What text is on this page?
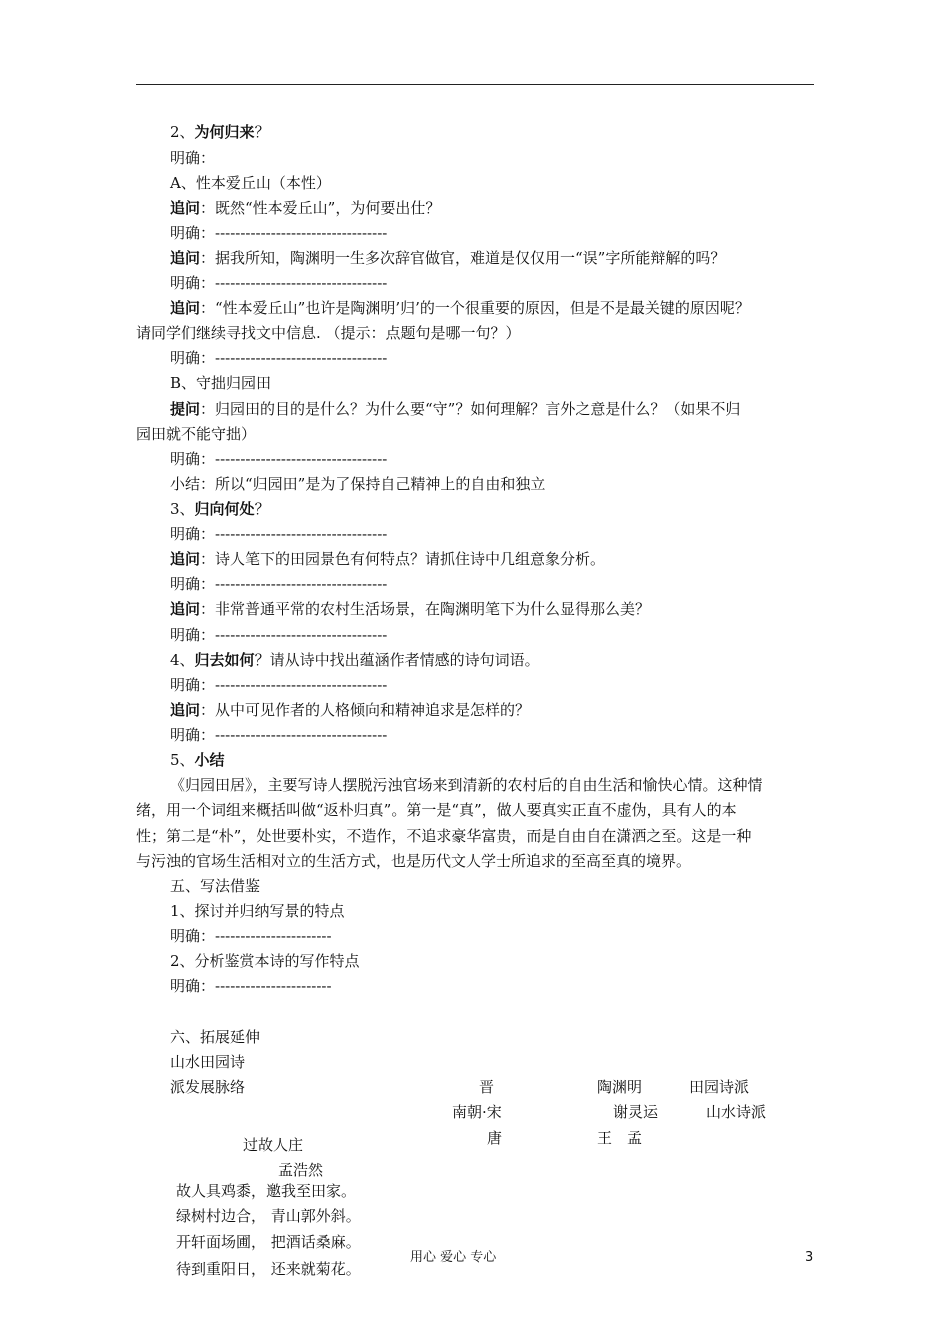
2、为何归来？
明确：
A、性本爱丘山（本性）
追问：既然“性本爱丘山”，为何要出仕？
明确：----------------------------------
追问：据我所知，陶渊明一生多次辞官做官，难道是仅仅用一“误”字所能辩解的吗？
明确：----------------------------------
追问：“性本爱丘山”也许是陶渊明’归’的一个很重要的原因，但是不是最关键的原因呢？
请同学们继续寻找文中信息. （提示：点题句是哪一句？）
明确：----------------------------------
B、守拙归园田
提问：归园田的目的是什么？为什么要“守”？如何理解？言外之意是什么？（如果不归
园田就不能守拙）
明确：----------------------------------
小结：所以“归园田”是为了保持自己精神上的自由和独立
3、归向何处？
明确：----------------------------------
追问：诗人笔下的田园景色有何特点？请抓住诗中几组意象分析。
明确：----------------------------------
追问：非常普通平常的农村生活场景，在陶渊明笔下为什么显得那么美？
明确：----------------------------------
4、归去如何？请从诗中找出蕴涵作者情感的诗句词语。
明确：----------------------------------
追问：从中可见作者的人格倾向和精神追求是怎样的？
明确：----------------------------------
5、小结
《归园田居》，主要写诗人摆脱污浊官场来到清新的农村后的自由生活和愉快心情。这种情
绪，用一个词组来概括叫做“返朴归真”。第一是“真”，做人要真实正直不虚伪，具有人的本
性；第二是“朴”，处世要朴实，不造作，不追求豪华富贵，而是自由自在潇洒之至。这是一种
与污浊的官场生活相对立的生活方式，也是历代文人学士所追求的至高至真的境界。
五、写法借鉴
1、探讨并归纳写景的特点
明确：-----------------------
2、分析鉴赏本诗的写作特点
明确：-----------------------
六、拓展延伸
山水田园诗
派发展脉络	晋	陶渊明	田园诗派
南朝·宋	谢灵运	山水诗派
唐	王　孟
过故人庄
孟浩然
故人具鸡黍，邀我至田家。
绿树村边合， 青山郭外斜。
开轩面场圃， 把酒话桑麻。
待到重阳日， 还来就菊花。
用心 爱心 专心	3
